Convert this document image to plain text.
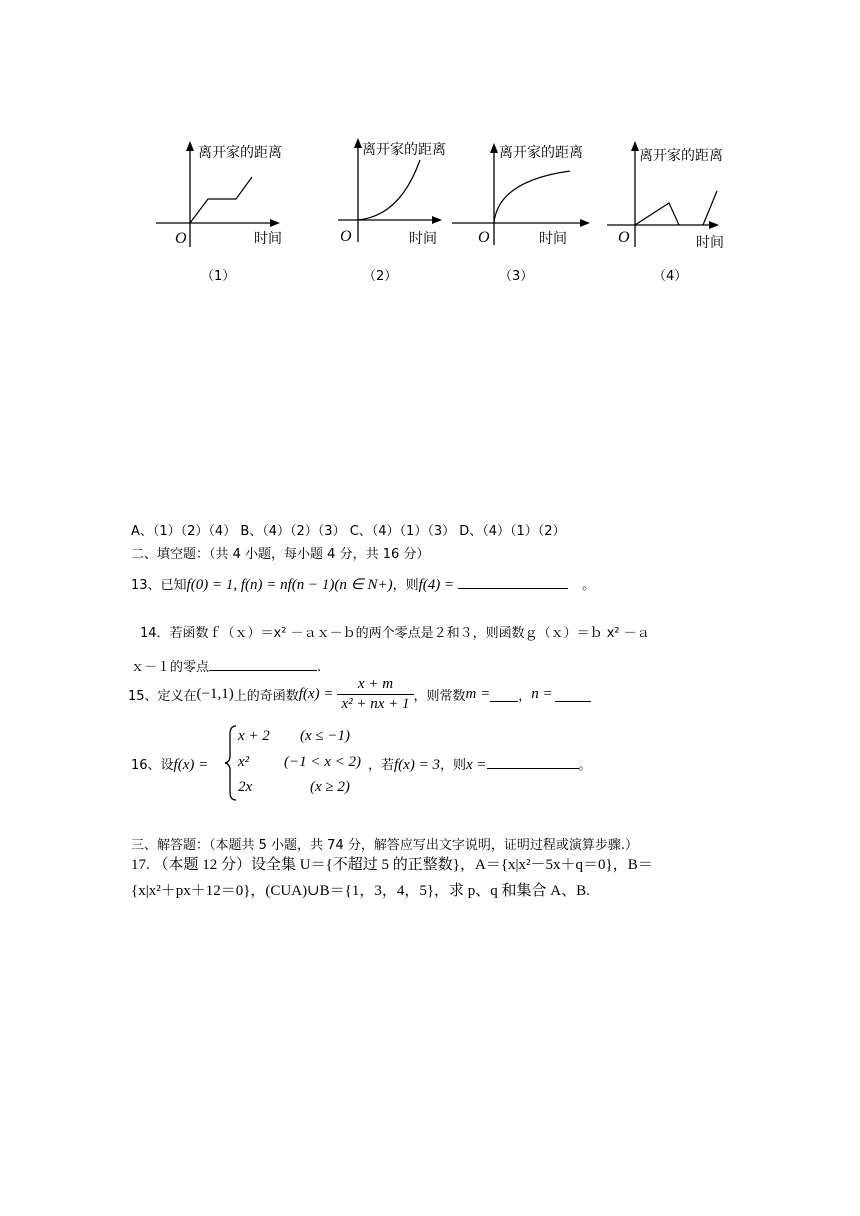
离开家的距离
时间
O
（1）
离开家的距离
时间
O
（2）
离开家的距离
时间
O
（3）
离开家的距离
时间
O
（4）
A、（1）（2）（4） B、（4）（2）（3） C、（4）（1）（3） D、（4）（1）（2）
二、填空题：（共 4 小题，每小题 4 分，共 16 分）
13、已知f(0) = 1, f(n) = nf(n − 1)(n ∈ N+)，则f(4) =	。
14．若函数ｆ（ｘ）＝x² －ａｘ－ｂ的两个零点是２和３，则函数ｇ（ｘ）＝ｂ x² －ａ
ｘ－１的零点	.
15、定义在 (−1,1) 上的奇函数 $f(x) = \frac{x + m}{\text{x² + nx + 1}}$ ，则常数 m = ， n =
16、设f(x) =
x + 2 (x ≤ −1)
x² (−1 < x < 2)
2x	(x ≥ 2)
，若f(x) = 3，则x =	。
三、解答题：（本题共 5 小题，共 74 分，解答应写出文字说明，证明过程或演算步骤.）
17. （本题 12 分）设全集 U＝{不超过 5 的正整数}，A＝{x|x²－5x＋q＝0}，B＝
{x|x²＋px＋12＝0}，(CUA)∪B＝{1，3，4，5}，求 p、q 和集合 A、B.
